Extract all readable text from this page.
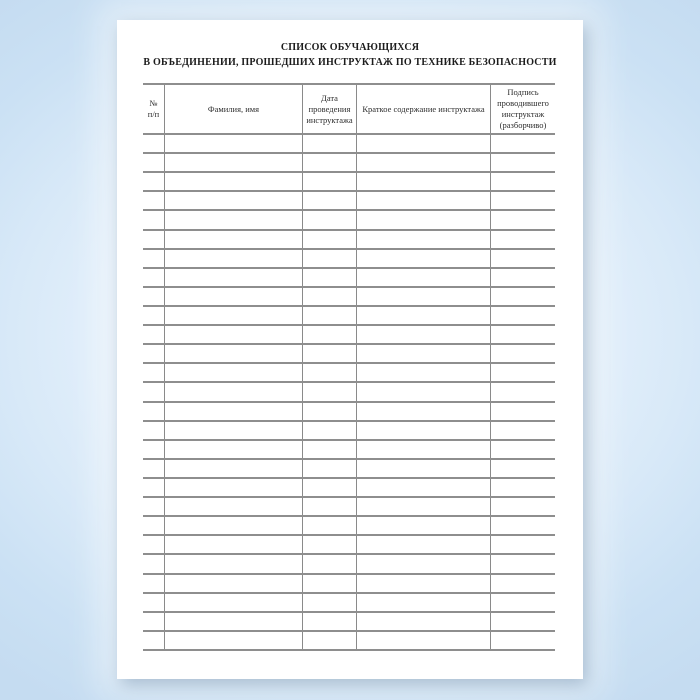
СПИСОК ОБУЧАЮЩИХСЯ
В ОБЪЕДИНЕНИИ, ПРОШЕДШИХ ИНСТРУКТАЖ ПО ТЕХНИКЕ БЕЗОПАСНОСТИ
№ п/п
Фамилия, имя
Дата проведения инструктажа
Краткое содержание инструктажа
Подпись проводившего инструктаж (разборчиво)
